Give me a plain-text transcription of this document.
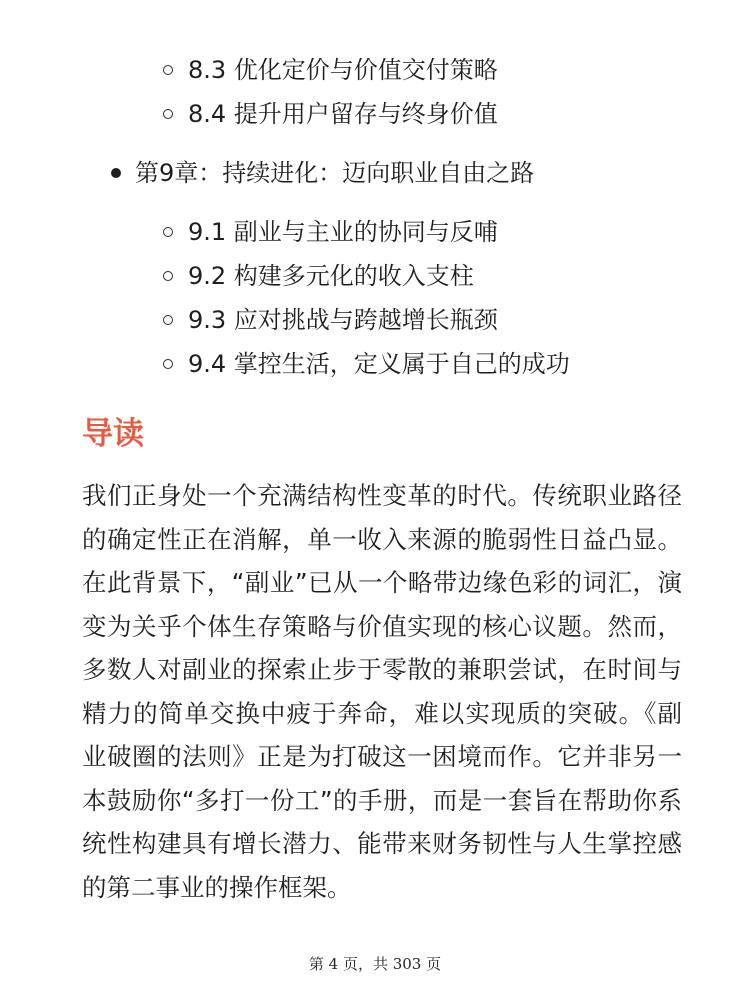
8.3 优化定价与价值交付策略
8.4 提升用户留存与终身价值
第9章：持续进化：迈向职业自由之路
9.1 副业与主业的协同与反哺
9.2 构建多元化的收入支柱
9.3 应对挑战与跨越增长瓶颈
9.4 掌控生活，定义属于自己的成功
导读

我们正身处一个充满结构性变革的时代。传统职业路径的确定性正在消解，单一收入来源的脆弱性日益凸显。在此背景下，“副业”已从一个略带边缘色彩的词汇，演变为关乎个体生存策略与价值实现的核心议题。然而，多数人对副业的探索止步于零散的兼职尝试，在时间与精力的简单交换中疲于奔命，难以实现质的突破。《副业破圈的法则》正是为打破这一困境而作。它并非另一本鼓励你“多打一份工”的手册，而是一套旨在帮助你系统性构建具有增长潜力、能带来财务韧性与人生掌控感的第二事业的操作框架。

第 4 页，共 303 页
